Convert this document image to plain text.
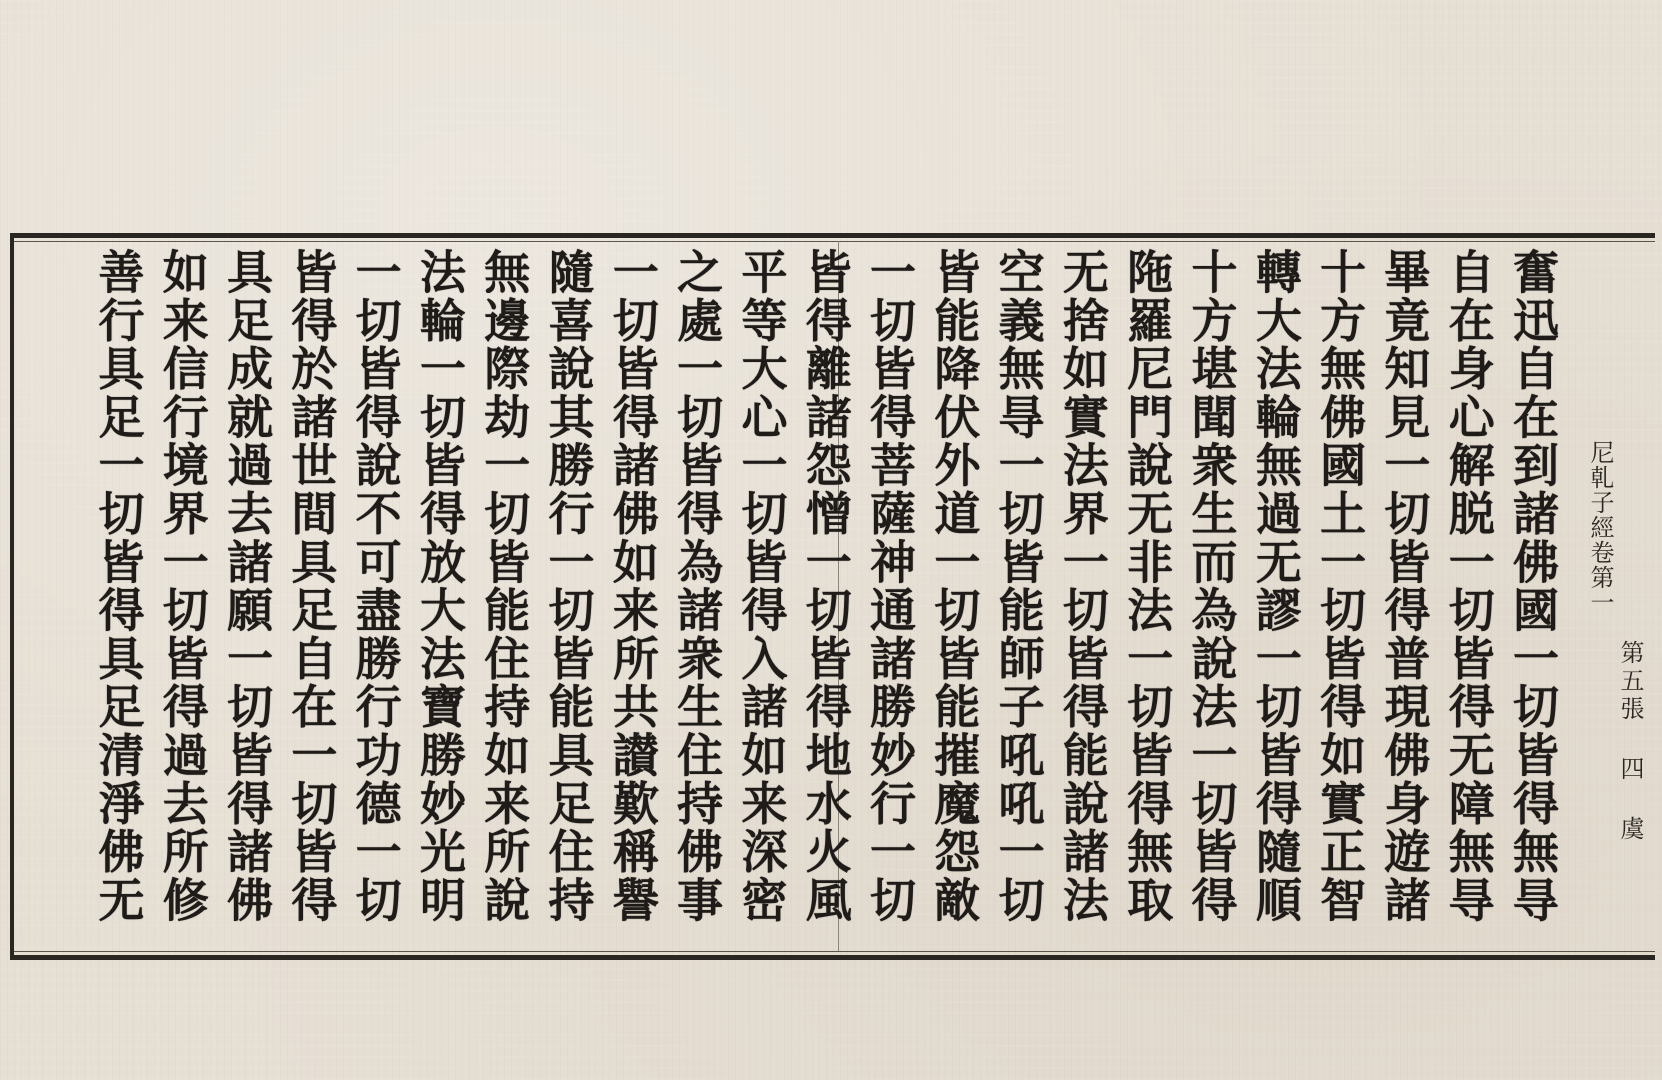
奮迅自在到諸佛國一切皆得無㝵
自在身心解脱一切皆得无障無㝵
畢竟知見一切皆得普現佛身遊諸
十方無佛國土一切皆得如實正智
轉大法輪無過无謬一切皆得隨順
十方堪聞衆生而為說法一切皆得
陁羅尼門說无非法一切皆得無取
无捨如實法界一切皆得能說諸法
空義無㝵一切皆能師子吼吼一切
皆能降伏外道一切皆能摧魔怨敵
一切皆得菩薩神通諸勝妙行一切
皆得離諸怨憎一切皆得地水火風
平等大心一切皆得入諸如来深密
之處一切皆得為諸衆生住持佛事
一切皆得諸佛如来所共讃歎稱譽
隨喜說其勝行一切皆能具足住持
無邊際劫一切皆能住持如来所說
法輪一切皆得放大法寶勝妙光明
一切皆得說不可盡勝行功德一切
皆得於諸世間具足自在一切皆得
具足成就過去諸願一切皆得諸佛
如来信行境界一切皆得過去所修
善行具足一切皆得具足清淨佛无	尼乹子經卷第一
第五張 四 虞
